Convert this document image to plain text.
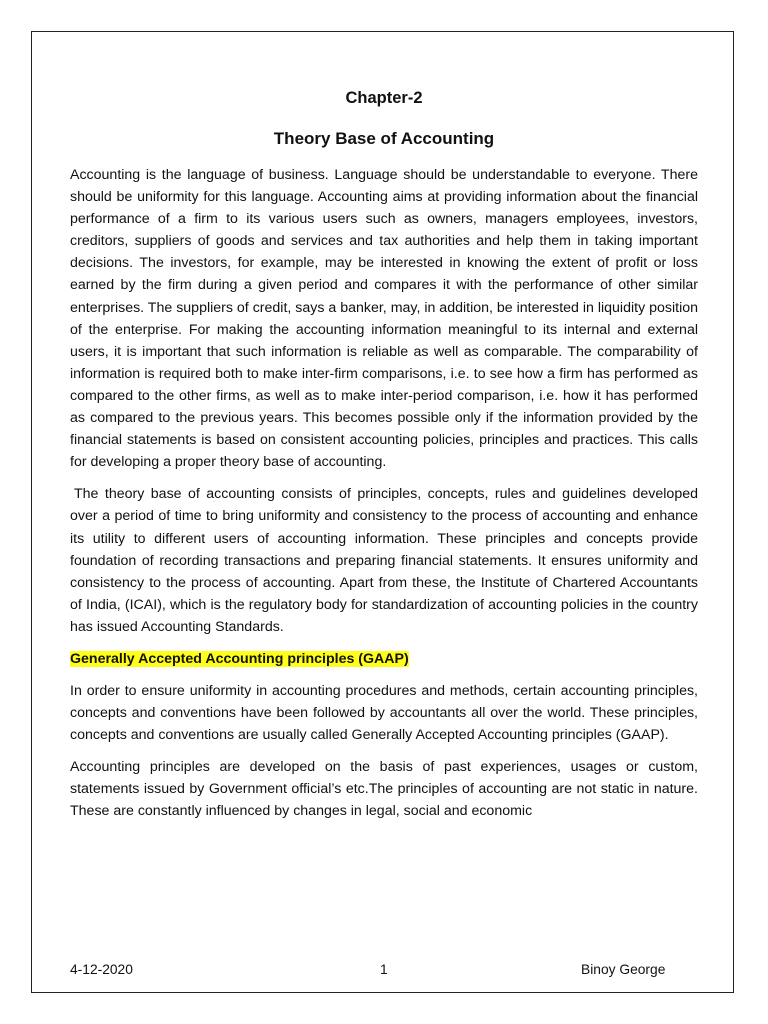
Chapter-2
Theory Base of Accounting

Accounting is the language of business. Language should be understandable to everyone. There should be uniformity for this language. Accounting aims at providing information about the financial performance of a firm to its various users such as owners, managers employees, investors, creditors, suppliers of goods and services and tax authorities and help them in taking important decisions. The investors, for example, may be interested in knowing the extent of profit or loss earned by the firm during a given period and compares it with the performance of other similar enterprises. The suppliers of credit, says a banker, may, in addition, be interested in liquidity position of the enterprise. For making the accounting information meaningful to its internal and external users, it is important that such information is reliable as well as comparable. The comparability of information is required both to make inter-firm comparisons, i.e. to see how a firm has performed as compared to the other firms, as well as to make inter-period comparison, i.e. how it has performed as compared to the previous years. This becomes possible only if the information provided by the financial statements is based on consistent accounting policies, principles and practices. This calls for developing a proper theory base of accounting.

The theory base of accounting consists of principles, concepts, rules and guidelines developed over a period of time to bring uniformity and consistency to the process of accounting and enhance its utility to different users of accounting information. These principles and concepts provide foundation of recording transactions and preparing financial statements. It ensures uniformity and consistency to the process of accounting. Apart from these, the Institute of Chartered Accountants of India, (ICAI), which is the regulatory body for standardization of accounting policies in the country has issued Accounting Standards.

Generally Accepted Accounting principles (GAAP)

In order to ensure uniformity in accounting procedures and methods, certain accounting principles, concepts and conventions have been followed by accountants all over the world. These principles, concepts and conventions are usually called Generally Accepted Accounting principles (GAAP).

Accounting principles are developed on the basis of past experiences, usages or custom, statements issued by Government official’s etc.The principles of accounting are not static in nature. These are constantly influenced by changes in legal, social and economic

4-12-2020	1	Binoy George
